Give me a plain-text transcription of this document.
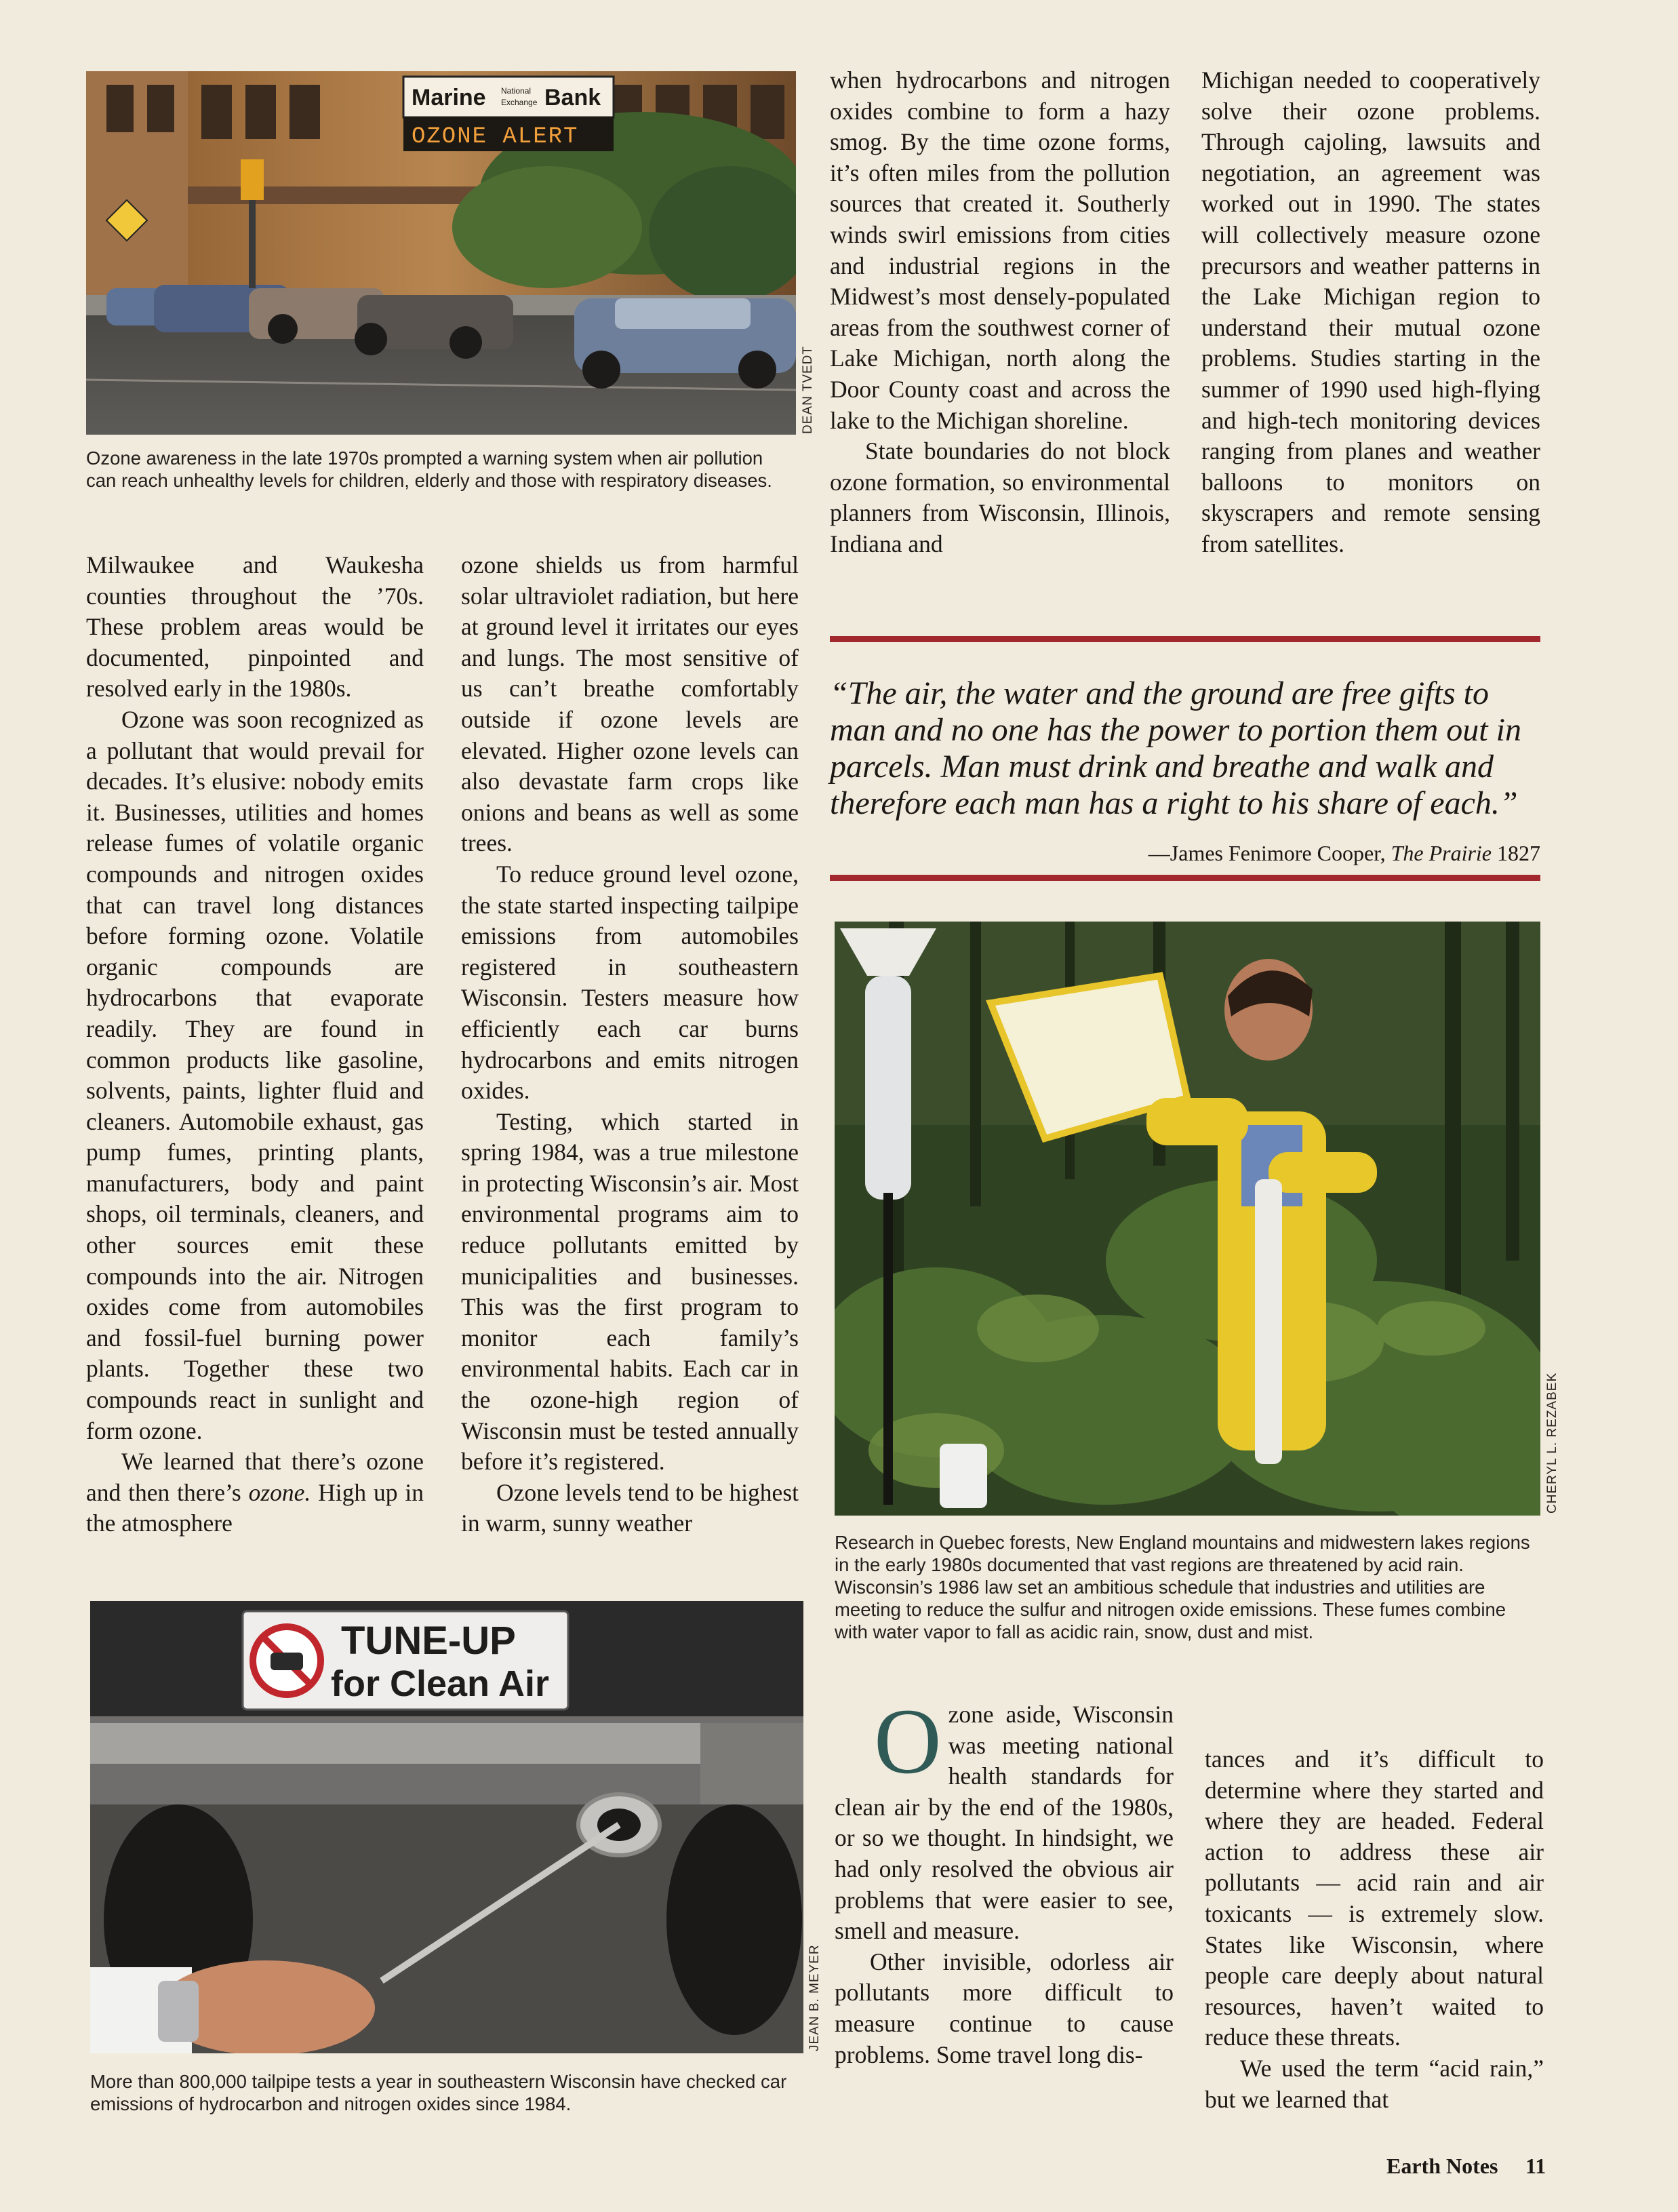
Marine National
Exchange Bank
OZONE ALERT
DEAN TVEDT
Ozone awareness in the late 1970s prompted a warning system when air pollution can reach unhealthy levels for children, elderly and those with respiratory diseases.

Milwaukee and Waukesha counties throughout the ’70s. These problem areas would be documented, pinpointed and resolved early in the 1980s.

Ozone was soon recognized as a pollutant that would prevail for decades. It’s elusive: nobody emits it. Businesses, utilities and homes release fumes of volatile organic compounds and nitrogen oxides that can travel long distances before forming ozone. Volatile organic compounds are hydrocarbons that evaporate readily. They are found in common products like gasoline, solvents, paints, lighter fluid and cleaners. Automobile exhaust, gas pump fumes, printing plants, manufacturers, body and paint shops, oil terminals, cleaners, and other sources emit these compounds into the air. Nitrogen oxides come from automobiles and fossil-fuel burning power plants. Together these two compounds react in sunlight and form ozone.

We learned that there’s ozone and then there’s ozone. High up in the atmosphere

ozone shields us from harmful solar ultraviolet radiation, but here at ground level it irritates our eyes and lungs. The most sensitive of us can’t breathe comfortably outside if ozone levels are elevated. Higher ozone levels can also devastate farm crops like onions and beans as well as some trees.

To reduce ground level ozone, the state started inspecting tailpipe emissions from automobiles registered in southeastern Wisconsin. Testers measure how efficiently each car burns hydrocarbons and emits nitrogen oxides.

Testing, which started in spring 1984, was a true milestone in protecting Wisconsin’s air. Most environmental programs aim to reduce pollutants emitted by municipalities and businesses. This was the first program to monitor each family’s environmental habits. Each car in the ozone-high region of Wisconsin must be tested annually before it’s registered.

Ozone levels tend to be highest in warm, sunny weather

when hydrocarbons and nitrogen oxides combine to form a hazy smog. By the time ozone forms, it’s often miles from the pollution sources that created it. Southerly winds swirl emissions from cities and industrial regions in the Midwest’s most densely-populated areas from the southwest corner of Lake Michigan, north along the Door County coast and across the lake to the Michigan shoreline.

State boundaries do not block ozone formation, so environmental planners from Wisconsin, Illinois, Indiana and

Michigan needed to cooperatively solve their ozone problems. Through cajoling, lawsuits and negotiation, an agreement was worked out in 1990. The states will collectively measure ozone precursors and weather patterns in the Lake Michigan region to understand their mutual ozone problems. Studies starting in the summer of 1990 used high-flying and high-tech monitoring devices ranging from planes and weather balloons to monitors on skyscrapers and remote sensing from satellites.

“The air, the water and the ground are free gifts to man and no one has the power to portion them out in parcels. Man must drink and breathe and walk and therefore each man has a right to his share of each.”
—James Fenimore Cooper, The Prairie 1827
CHERYL L. REZABEK
Research in Quebec forests, New England mountains and midwestern lakes regions in the early 1980s documented that vast regions are threatened by acid rain. Wisconsin’s 1986 law set an ambitious schedule that industries and utilities are meeting to reduce the sulfur and nitrogen oxide emissions. These fumes combine with water vapor to fall as acidic rain, snow, dust and mist.
TUNE-UP
for Clean Air
JEAN B. MEYER
More than 800,000 tailpipe tests a year in southeastern Wisconsin have checked car emissions of hydrocarbon and nitrogen oxides since 1984.

Ozone aside, Wisconsin was meeting national health standards for clean air by the end of the 1980s, or so we thought. In hindsight, we had only resolved the obvious air problems that were easier to see, smell and measure.

Other invisible, odorless air pollutants more difficult to measure continue to cause problems. Some travel long dis-

tances and it’s difficult to determine where they started and where they are headed. Federal action to address these air pollutants — acid rain and air toxicants — is extremely slow. States like Wisconsin, where people care deeply about natural resources, haven’t waited to reduce these threats.

We used the term “acid rain,” but we learned that

Earth Notes 11
